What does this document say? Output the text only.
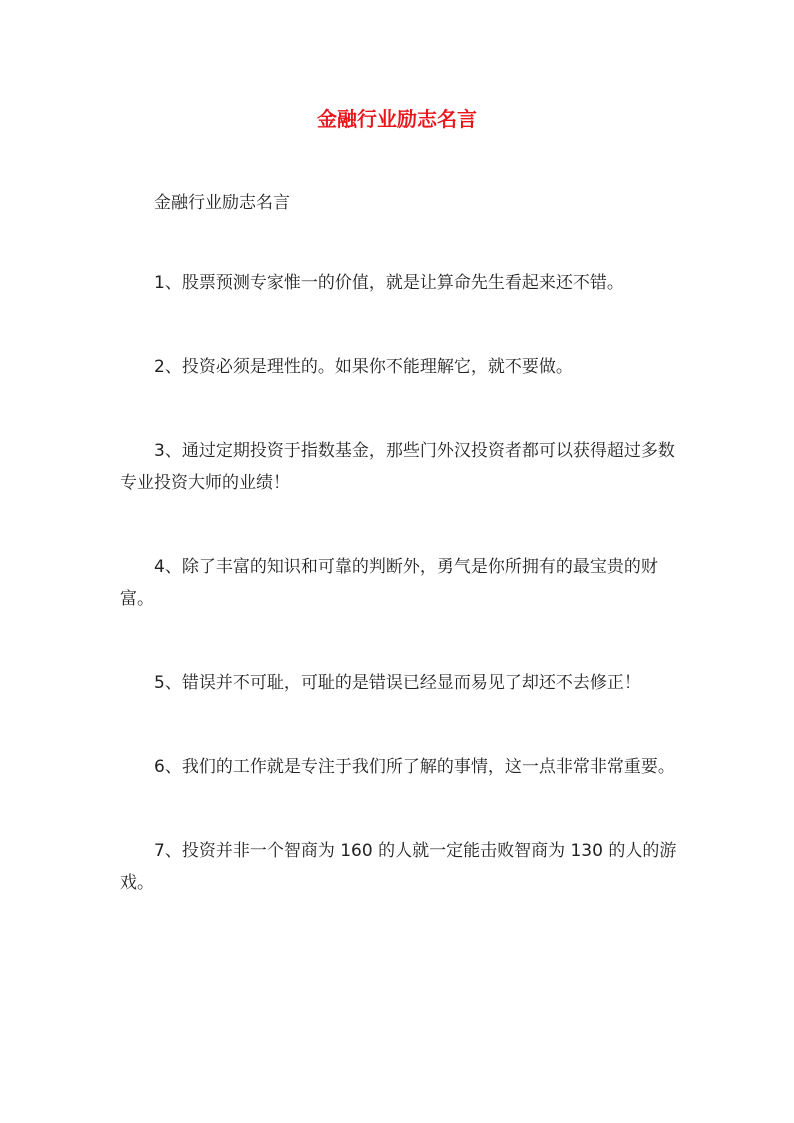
金融行业励志名言

金融行业励志名言

1、股票预测专家惟一的价值，就是让算命先生看起来还不错。

2、投资必须是理性的。如果你不能理解它，就不要做。

3、通过定期投资于指数基金，那些门外汉投资者都可以获得超过多数专业投资大师的业绩！

4、除了丰富的知识和可靠的判断外，勇气是你所拥有的最宝贵的财富。

5、错误并不可耻，可耻的是错误已经显而易见了却还不去修正！

6、我们的工作就是专注于我们所了解的事情，这一点非常非常重要。

7、投资并非一个智商为 160 的人就一定能击败智商为 130 的人的游戏。
